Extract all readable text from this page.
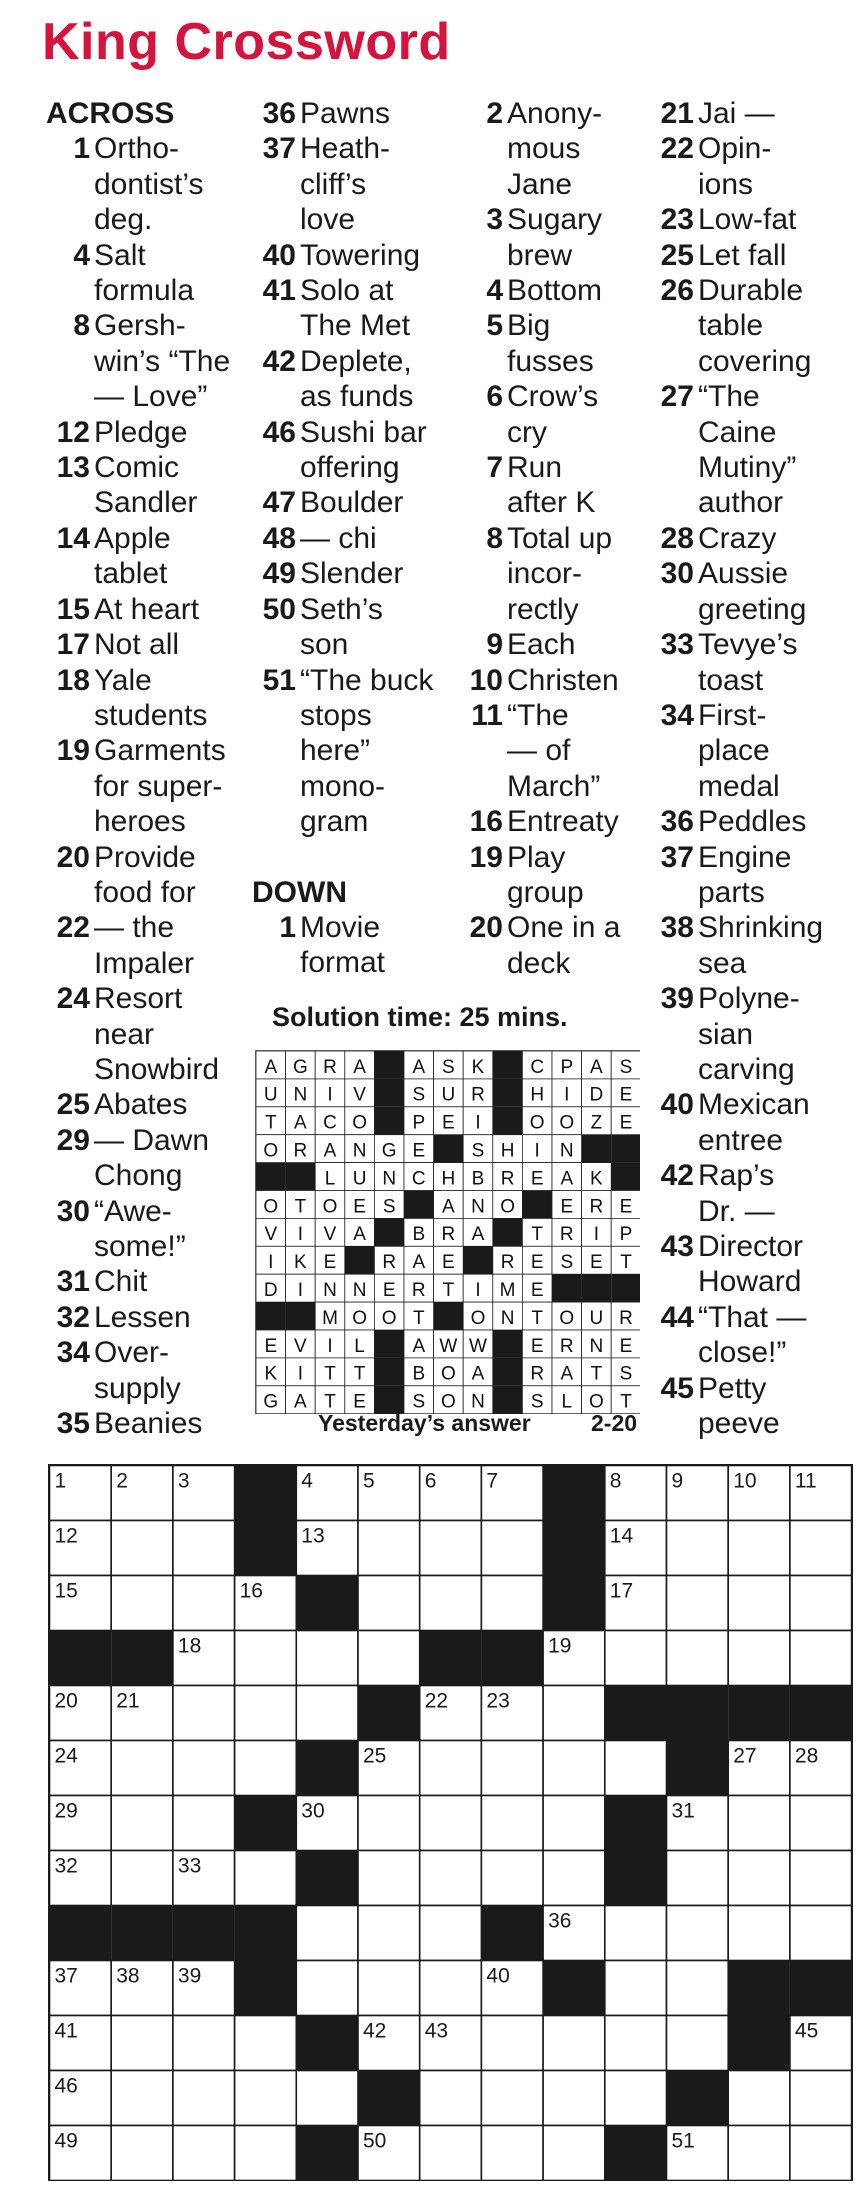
King Crossword
ACROSS
1 Ortho-
dontist’s
deg.
4 Salt
formula
8 Gersh-
win’s “The
— Love”
12 Pledge
13 Comic
Sandler
14 Apple
tablet
15 At heart
17 Not all
18 Yale
students
19 Garments
for super-
heroes
20 Provide
food for
22 — the
Impaler
24 Resort
near
Snowbird
25 Abates
29 — Dawn
Chong
30 “Awe-
some!”
31 Chit
32 Lessen
34 Over-
supply
35 Beanies
36 Pawns
37 Heath-
cliff’s
love
40 Towering
41 Solo at
The Met
42 Deplete,
as funds
46 Sushi bar
offering
47 Boulder
48 — chi
49 Slender
50 Seth’s
son
51 “The buck
stops
here”
mono-
gram
DOWN
1 Movie
format
2 Anony-
mous
Jane
3 Sugary
brew
4 Bottom
5 Big
fusses
6 Crow’s
cry
7 Run
after K
8 Total up
incor-
rectly
9 Each
10 Christen
11 “The
— of
March”
16 Entreaty
19 Play
group
20 One in a
deck
21 Jai —
22 Opin-
ions
23 Low-fat
25 Let fall
26 Durable
table
covering
27 “The
Caine
Mutiny”
author
28 Crazy
30 Aussie
greeting
33 Tevye’s
toast
34 First-
place
medal
36 Peddles
37 Engine
parts
38 Shrinking
sea
39 Polyne-
sian
carving
40 Mexican
entree
42 Rap’s
Dr. —
43 Director
Howard
44 “That —
close!”
45 Petty
peeve
Solution time: 25 mins.
A G R A A S K C P A S
U N I V S U R H I D E
T A C O P E I	O O Z E
O R A N G E S H I N
L U N C H B R E A K
O T O E S A N O E R E
V I V A B R A T R I P
I K E R A E R E S E T
D I N N E R T I M E
M O O T O N T O U R
E V I L	A W W E R N E
K I T T B O A R A T S
G A T E S O N S L O T
Yesterday’s answer	2-20
1 2 3	4 5 6 7	8 9 10 11
12	13	14
15	16	17
18	19
20 21	22 23
24	25	27 28
29	30	31
32	33
36
37 38 39	40
41	42 43	45
46
49	50	51
